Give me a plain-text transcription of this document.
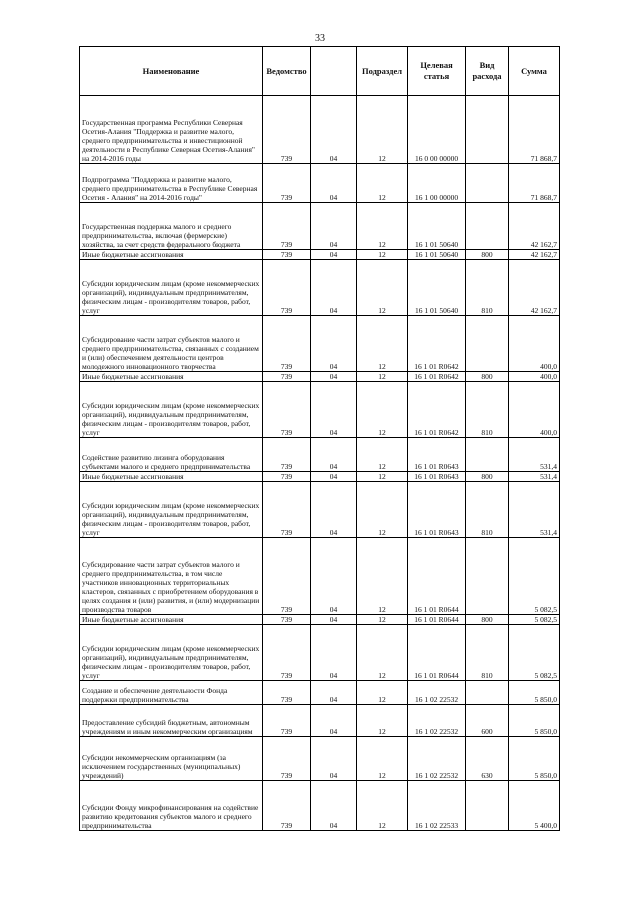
33
Наименование	Ведомство		Подраздел	Целевая статья	Вид расхода	Сумма
Государственная программа Республики Северная Осетия-Алания "Поддержка и развитие малого, среднего предпринимательства и инвестиционной деятельности в Республике Северная Осетия-Алания" на 2014-2016 годы	739	04	12	16 0 00 00000		71 868,7
Подпрограмма "Поддержка и развитие малого, среднего предпринимательства в Республике Северная Осетия - Алания" на 2014-2016 годы"	739	04	12	16 1 00 00000		71 868,7
Государственная поддержка малого и среднего предпринимательства, включая (фермерские) хозяйства, за счет средств федерального бюджета	739	04	12	16 1 01 50640		42 162,7
Иные бюджетные ассигнования	739	04	12	16 1 01 50640	800	42 162,7
Субсидии юридическим лицам (кроме некоммерческих организаций), индивидуальным предпринимателям, физическим лицам - производителям товаров, работ, услуг	739	04	12	16 1 01 50640	810	42 162,7
Субсидирование части затрат субъектов малого и среднего предпринимательства, связанных с созданием и (или) обеспечением деятельности центров молодежного инновационного творчества	739	04	12	16 1 01 R0642		400,0
Иные бюджетные ассигнования	739	04	12	16 1 01 R0642	800	400,0
Субсидии юридическим лицам (кроме некоммерческих организаций), индивидуальным предпринимателям, физическим лицам - производителям товаров, работ, услуг	739	04	12	16 1 01 R0642	810	400,0
Содействие развитию лизинга оборудования субъектами малого и среднего предпринимательства	739	04	12	16 1 01 R0643		531,4
Иные бюджетные ассигнования	739	04	12	16 1 01 R0643	800	531,4
Субсидии юридическим лицам (кроме некоммерческих организаций), индивидуальным предпринимателям, физическим лицам - производителям товаров, работ, услуг	739	04	12	16 1 01 R0643	810	531,4
Субсидирование части затрат субъектов малого и среднего предпринимательства, в том числе участников инновационных территориальных кластеров, связанных с приобретением оборудования в целях создания и (или) развития, и (или) модернизации производства товаров	739	04	12	16 1 01 R0644		5 082,5
Иные бюджетные ассигнования	739	04	12	16 1 01 R0644	800	5 082,5
Субсидии юридическим лицам (кроме некоммерческих организаций), индивидуальным предпринимателям, физическим лицам - производителям товаров, работ, услуг	739	04	12	16 1 01 R0644	810	5 082,5
Создание и обеспечение деятельности Фонда поддержки предпринимательства	739	04	12	16 1 02 22532		5 850,0
Предоставление субсидий бюджетным, автономным учреждениям и иным некоммерческим организациям	739	04	12	16 1 02 22532	600	5 850,0
Субсидии некоммерческим организациям (за исключением государственных (муниципальных) учреждений)	739	04	12	16 1 02 22532	630	5 850,0
Субсидии Фонду микрофинансирования на содействие развитию кредитования субъектов малого и среднего предпринимательства	739	04	12	16 1 02 22533		5 400,0
